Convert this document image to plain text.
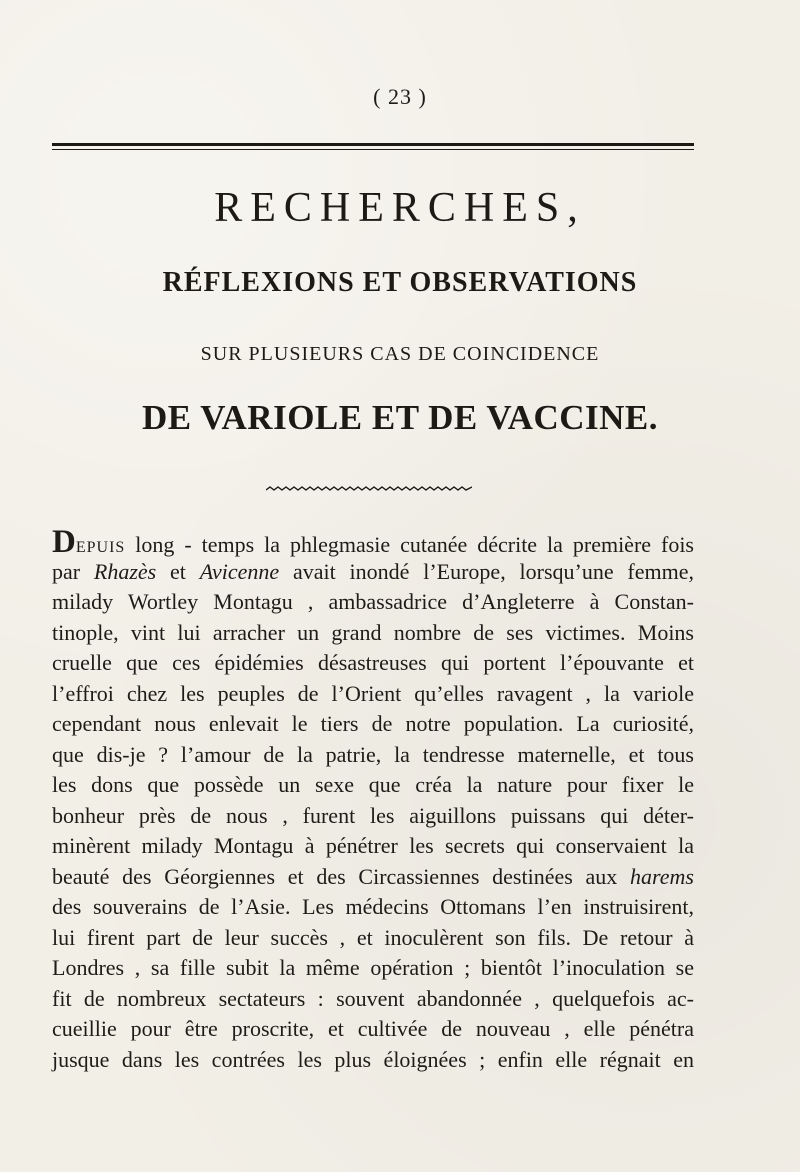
( 23 )
RECHERCHES,
RÉFLEXIONS ET OBSERVATIONS
SUR PLUSIEURS CAS DE COINCIDENCE
DE VARIOLE ET DE VACCINE.
DEPUIS long - temps la phlegmasie cutanée décrite la première fois
par Rhazès et Avicenne avait inondé l’Europe, lorsqu’une femme,
milady Wortley Montagu , ambassadrice d’Angleterre à Constan-
tinople, vint lui arracher un grand nombre de ses victimes. Moins
cruelle que ces épidémies désastreuses qui portent l’épouvante et
l’effroi chez les peuples de l’Orient qu’elles ravagent , la variole
cependant nous enlevait le tiers de notre population. La curiosité,
que dis-je ? l’amour de la patrie, la tendresse maternelle, et tous
les dons que possède un sexe que créa la nature pour fixer le
bonheur près de nous , furent les aiguillons puissans qui déter-
minèrent milady Montagu à pénétrer les secrets qui conservaient la
beauté des Géorgiennes et des Circassiennes destinées aux harems
des souverains de l’Asie. Les médecins Ottomans l’en instruisirent,
lui firent part de leur succès , et inoculèrent son fils. De retour à
Londres , sa fille subit la même opération ; bientôt l’inoculation se
fit de nombreux sectateurs : souvent abandonnée , quelquefois ac-
cueillie pour être proscrite, et cultivée de nouveau , elle pénétra
jusque dans les contrées les plus éloignées ; enfin elle régnait en
